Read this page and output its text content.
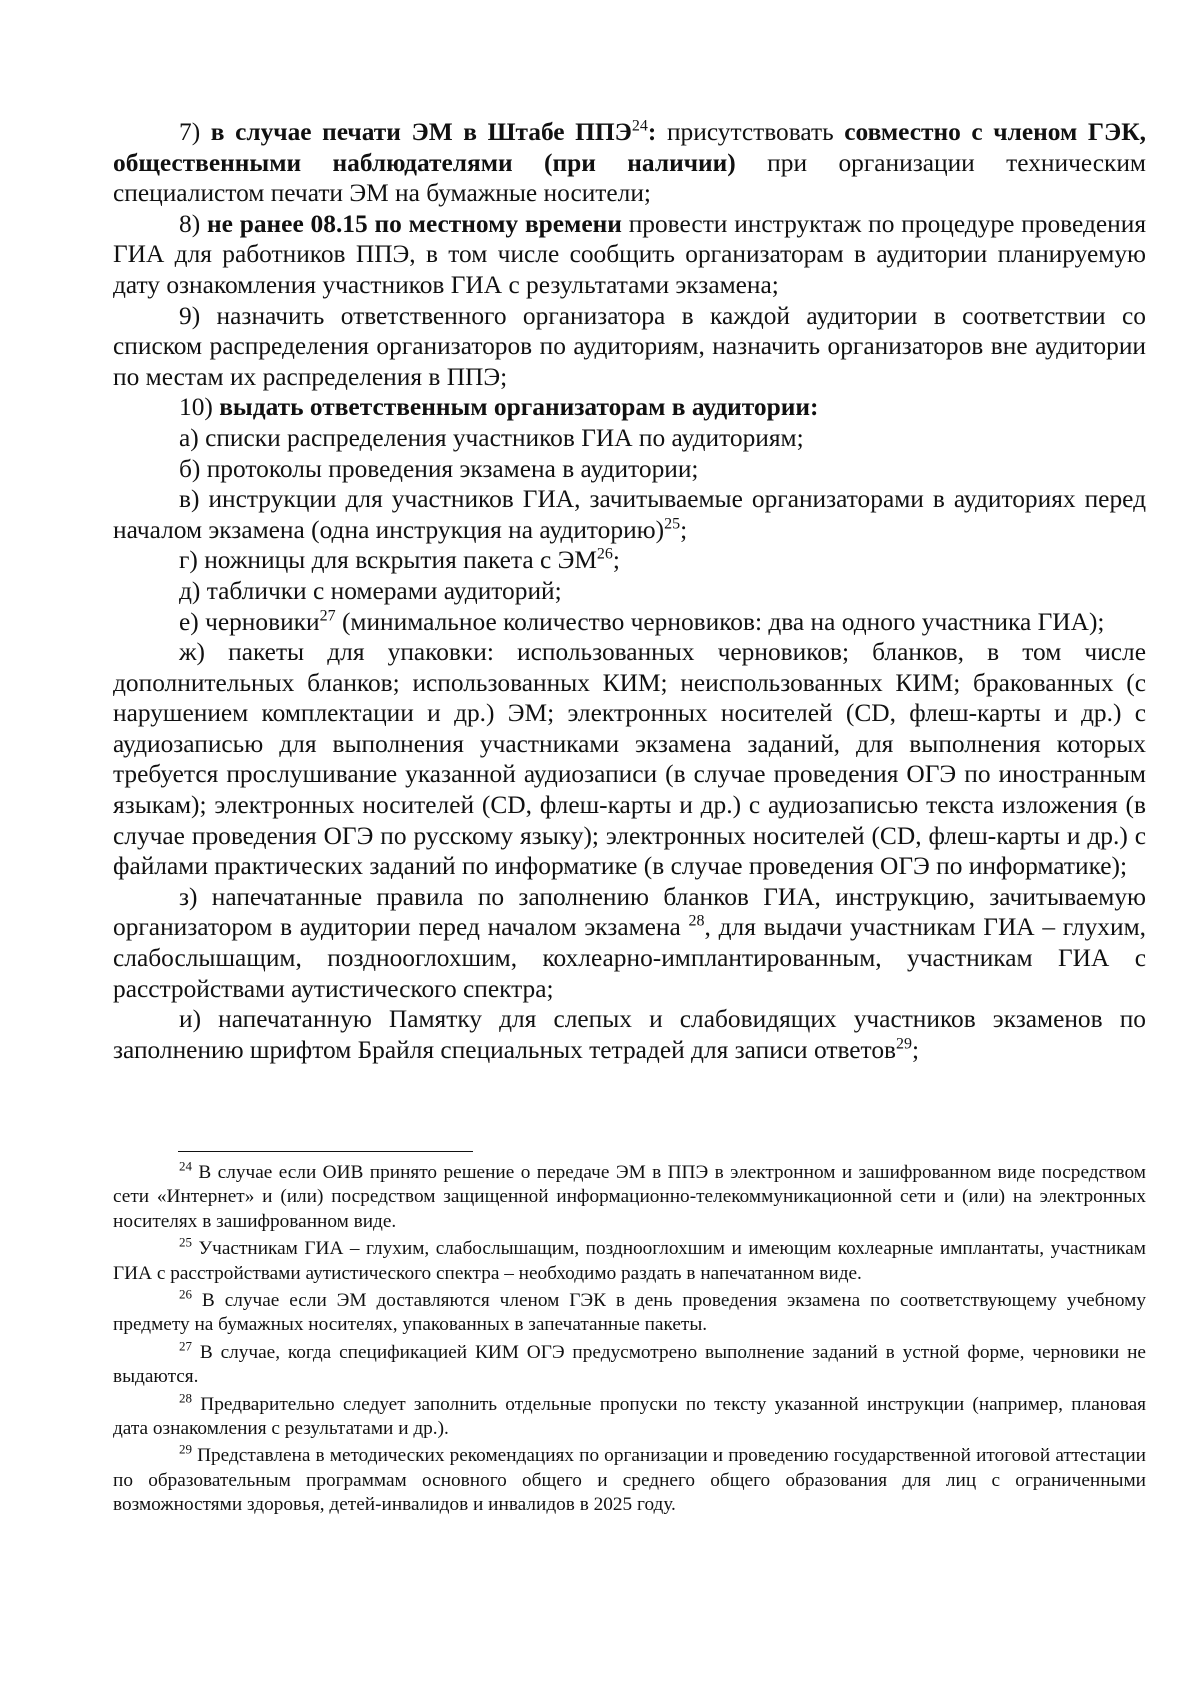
7) в случае печати ЭМ в Штабе ППЭ$^{24}$: присутствовать совместно с членом ГЭК, общественными наблюдателями (при наличии) при организации техническим специалистом печати ЭМ на бумажные носители;

8) не ранее 08.15 по местному времени провести инструктаж по процедуре проведения ГИА для работников ППЭ, в том числе сообщить организаторам в аудитории планируемую дату ознакомления участников ГИА с результатами экзамена;

9) назначить ответственного организатора в каждой аудитории в соответствии со списком распределения организаторов по аудиториям, назначить организаторов вне аудитории по местам их распределения в ППЭ;

10) выдать ответственным организаторам в аудитории:

а) списки распределения участников ГИА по аудиториям;

б) протоколы проведения экзамена в аудитории;

в) инструкции для участников ГИА, зачитываемые организаторами в аудиториях перед началом экзамена (одна инструкция на аудиторию)$^{25}$;

г) ножницы для вскрытия пакета с ЭМ$^{26}$;

д) таблички с номерами аудиторий;

е) черновики$^{27}$ (минимальное количество черновиков: два на одного участника ГИА);

ж) пакеты для упаковки: использованных черновиков; бланков, в том числе дополнительных бланков; использованных КИМ; неиспользованных КИМ; бракованных (с нарушением комплектации и др.) ЭМ; электронных носителей (CD, флеш-карты и др.) с аудиозаписью для выполнения участниками экзамена заданий, для выполнения которых требуется прослушивание указанной аудиозаписи (в случае проведения ОГЭ по иностранным языкам); электронных носителей (CD, флеш-карты и др.) с аудиозаписью текста изложения (в случае проведения ОГЭ по русскому языку); электронных носителей (CD, флеш-карты и др.) с файлами практических заданий по информатике (в случае проведения ОГЭ по информатике);

з) напечатанные правила по заполнению бланков ГИА, инструкцию, зачитываемую организатором в аудитории перед началом экзамена $^{28}$, для выдачи участникам ГИА – глухим, слабослышащим, позднооглохшим, кохлеарно-имплантированным, участникам ГИА с расстройствами аутистического спектра;

и) напечатанную Памятку для слепых и слабовидящих участников экзаменов по заполнению шрифтом Брайля специальных тетрадей для записи ответов$^{29}$;

$^{24}$ В случае если ОИВ принято решение о передаче ЭМ в ППЭ в электронном и зашифрованном виде посредством сети «Интернет» и (или) посредством защищенной информационно-телекоммуникационной сети и (или) на электронных носителях в зашифрованном виде.

$^{25}$ Участникам ГИА – глухим, слабослышащим, позднооглохшим и имеющим кохлеарные имплантаты, участникам ГИА с расстройствами аутистического спектра – необходимо раздать в напечатанном виде.

$^{26}$ В случае если ЭМ доставляются членом ГЭК в день проведения экзамена по соответствующему учебному предмету на бумажных носителях, упакованных в запечатанные пакеты.

$^{27}$ В случае, когда спецификацией КИМ ОГЭ предусмотрено выполнение заданий в устной форме, черновики не выдаются.

$^{28}$ Предварительно следует заполнить отдельные пропуски по тексту указанной инструкции (например, плановая дата ознакомления с результатами и др.).

$^{29}$ Представлена в методических рекомендациях по организации и проведению государственной итоговой аттестации по образовательным программам основного общего и среднего общего образования для лиц с ограниченными возможностями здоровья, детей-инвалидов и инвалидов в 2025 году.
